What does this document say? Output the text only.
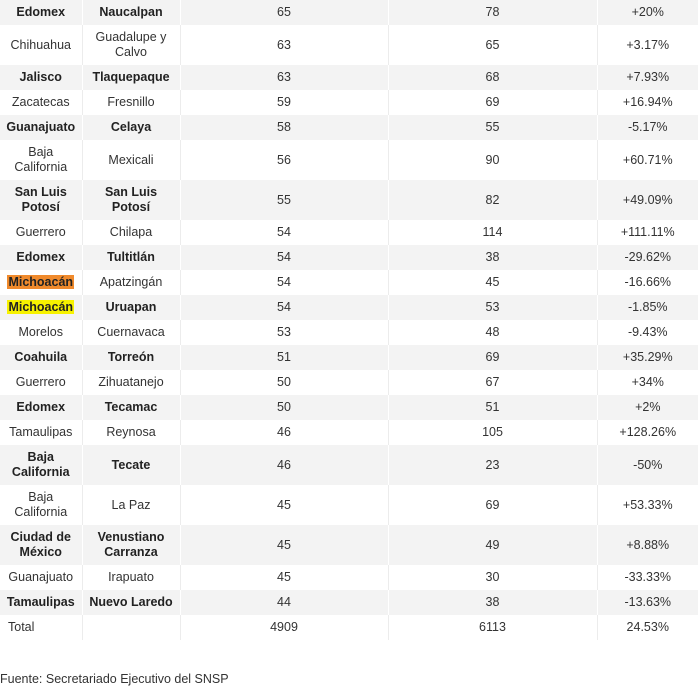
Edomex	Naucalpan	65	78	+20%
Chihuahua	Guadalupe y Calvo	63	65	+3.17%
Jalisco	Tlaquepaque	63	68	+7.93%
Zacatecas	Fresnillo	59	69	+16.94%
Guanajuato	Celaya	58	55	-5.17%
Baja California	Mexicali	56	90	+60.71%
San Luis Potosí	San Luis Potosí	55	82	+49.09%
Guerrero	Chilapa	54	114	+111.11%
Edomex	Tultitlán	54	38	-29.62%
Michoacán	Apatzingán	54	45	-16.66%
Michoacán	Uruapan	54	53	-1.85%
Morelos	Cuernavaca	53	48	-9.43%
Coahuila	Torreón	51	69	+35.29%
Guerrero	Zihuatanejo	50	67	+34%
Edomex	Tecamac	50	51	+2%
Tamaulipas	Reynosa	46	105	+128.26%
Baja California	Tecate	46	23	-50%
Baja California	La Paz	45	69	+53.33%
Ciudad de México	Venustiano Carranza	45	49	+8.88%
Guanajuato	Irapuato	45	30	-33.33%
Tamaulipas	Nuevo Laredo	44	38	-13.63%
Total		4909	6113	24.53%
Fuente: Secretariado Ejecutivo del SNSP
